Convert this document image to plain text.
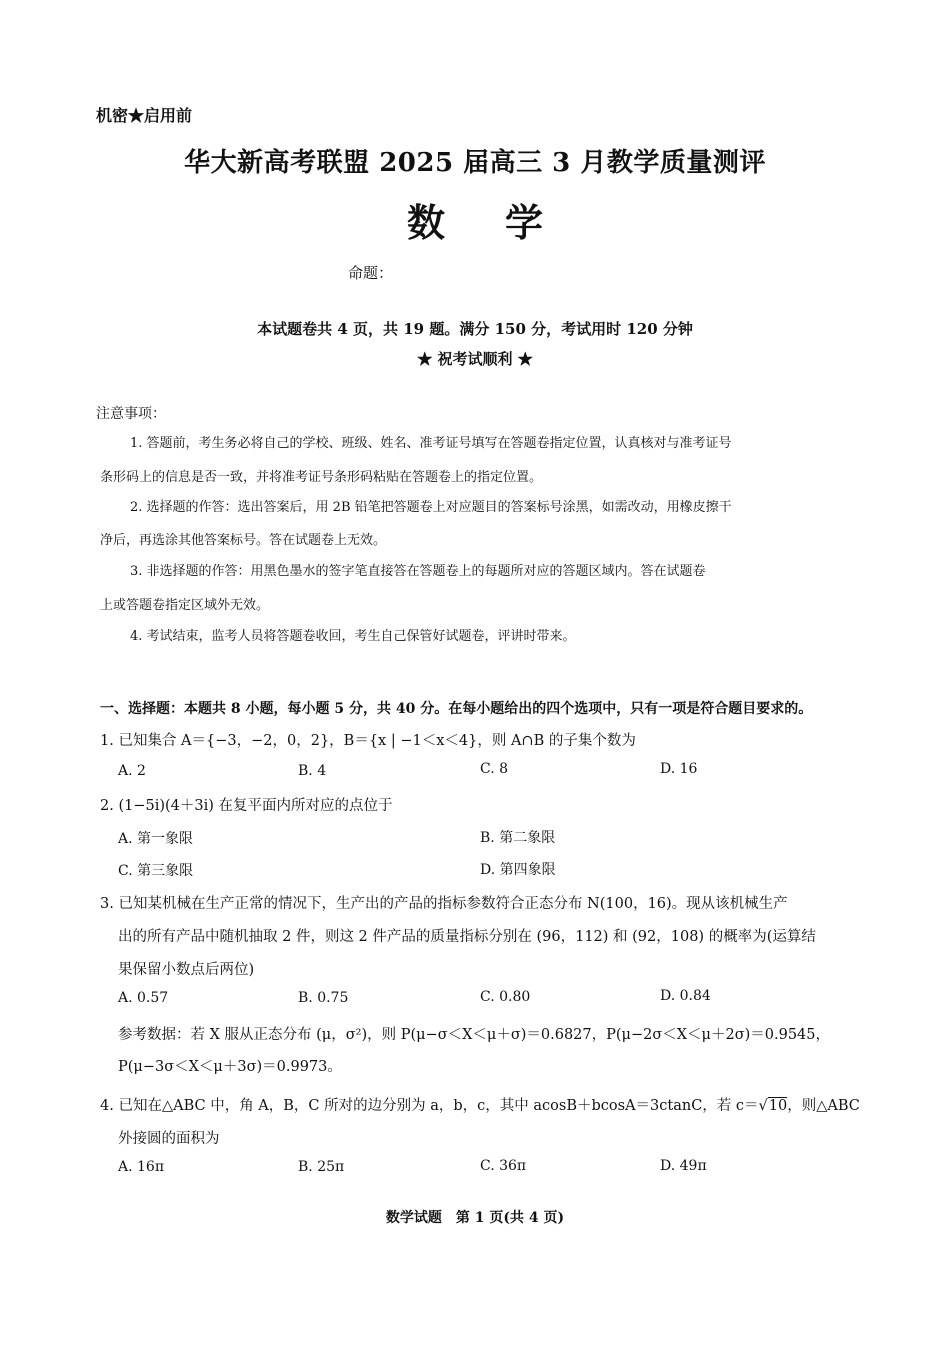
机密★启用前
华大新高考联盟 2025 届高三 3 月教学质量测评
数学
命题：
本试题卷共 4 页，共 19 题。满分 150 分，考试用时 120 分钟
★ 祝考试顺利 ★
注意事项：
1. 答题前，考生务必将自己的学校、班级、姓名、准考证号填写在答题卷指定位置，认真核对与准考证号
条形码上的信息是否一致，并将准考证号条形码粘贴在答题卷上的指定位置。
2. 选择题的作答：选出答案后，用 2B 铅笔把答题卷上对应题目的答案标号涂黑，如需改动，用橡皮擦干
净后，再选涂其他答案标号。答在试题卷上无效。
3. 非选择题的作答：用黑色墨水的签字笔直接答在答题卷上的每题所对应的答题区域内。答在试题卷
上或答题卷指定区域外无效。
4. 考试结束，监考人员将答题卷收回，考生自己保管好试题卷，评讲时带来。
一、选择题：本题共 8 小题，每小题 5 分，共 40 分。在每小题给出的四个选项中，只有一项是符合题目要求的。
1. 已知集合 A＝{−3，−2，0，2}，B＝{x | −1＜x＜4}，则 A∩B 的子集个数为
A. 2	B. 4	C. 8	D. 16
2. (1−5i)(4＋3i) 在复平面内所对应的点位于
A. 第一象限	B. 第二象限
C. 第三象限	D. 第四象限
3. 已知某机械在生产正常的情况下，生产出的产品的指标参数符合正态分布 N(100，16)。现从该机械生产
出的所有产品中随机抽取 2 件，则这 2 件产品的质量指标分别在 (96，112) 和 (92，108) 的概率为(运算结
果保留小数点后两位)
A. 0.57	B. 0.75	C. 0.80	D. 0.84
参考数据：若 X 服从正态分布 (μ，σ²)，则 P(μ−σ＜X＜μ＋σ)＝0.6827，P(μ−2σ＜X＜μ＋2σ)＝0.9545，
P(μ−3σ＜X＜μ＋3σ)＝0.9973。
4. 已知在△ABC 中，角 A，B，C 所对的边分别为 a，b，c，其中 acosB＋bcosA＝3ctanC，若 c＝√10，则△ABC
外接圆的面积为
A. 16π	B. 25π	C. 36π	D. 49π
数学试题　第 1 页(共 4 页)
